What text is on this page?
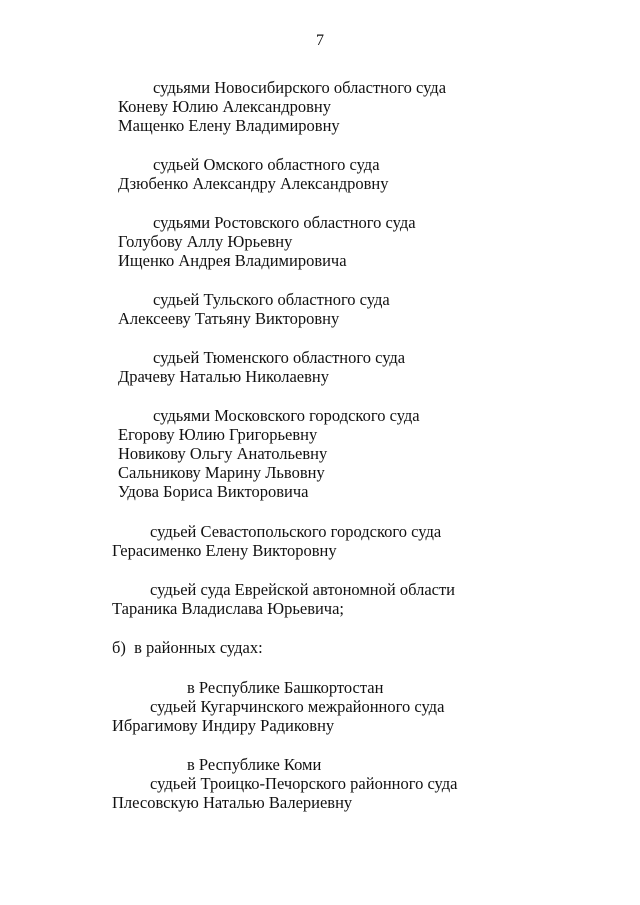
7
судьями Новосибирского областного суда
Коневу Юлию Александровну
Мащенко Елену Владимировну
судьей Омского областного суда
Дзюбенко Александру Александровну
судьями Ростовского областного суда
Голубову Аллу Юрьевну
Ищенко Андрея Владимировича
судьей Тульского областного суда
Алексееву Татьяну Викторовну
судьей Тюменского областного суда
Драчеву Наталью Николаевну
судьями Московского городского суда
Егорову Юлию Григорьевну
Новикову Ольгу Анатольевну
Сальникову Марину Львовну
Удова Бориса Викторовича
судьей Севастопольского городского суда
Герасименко Елену Викторовну
судьей суда Еврейской автономной области
Тараника Владислава Юрьевича;
б)  в районных судах:
в Республике Башкортостан
судьей Кугарчинского межрайонного суда
Ибрагимову Индиру Радиковну
в Республике Коми
судьей Троицко-Печорского районного суда
Плесовскую Наталью Валериевну
